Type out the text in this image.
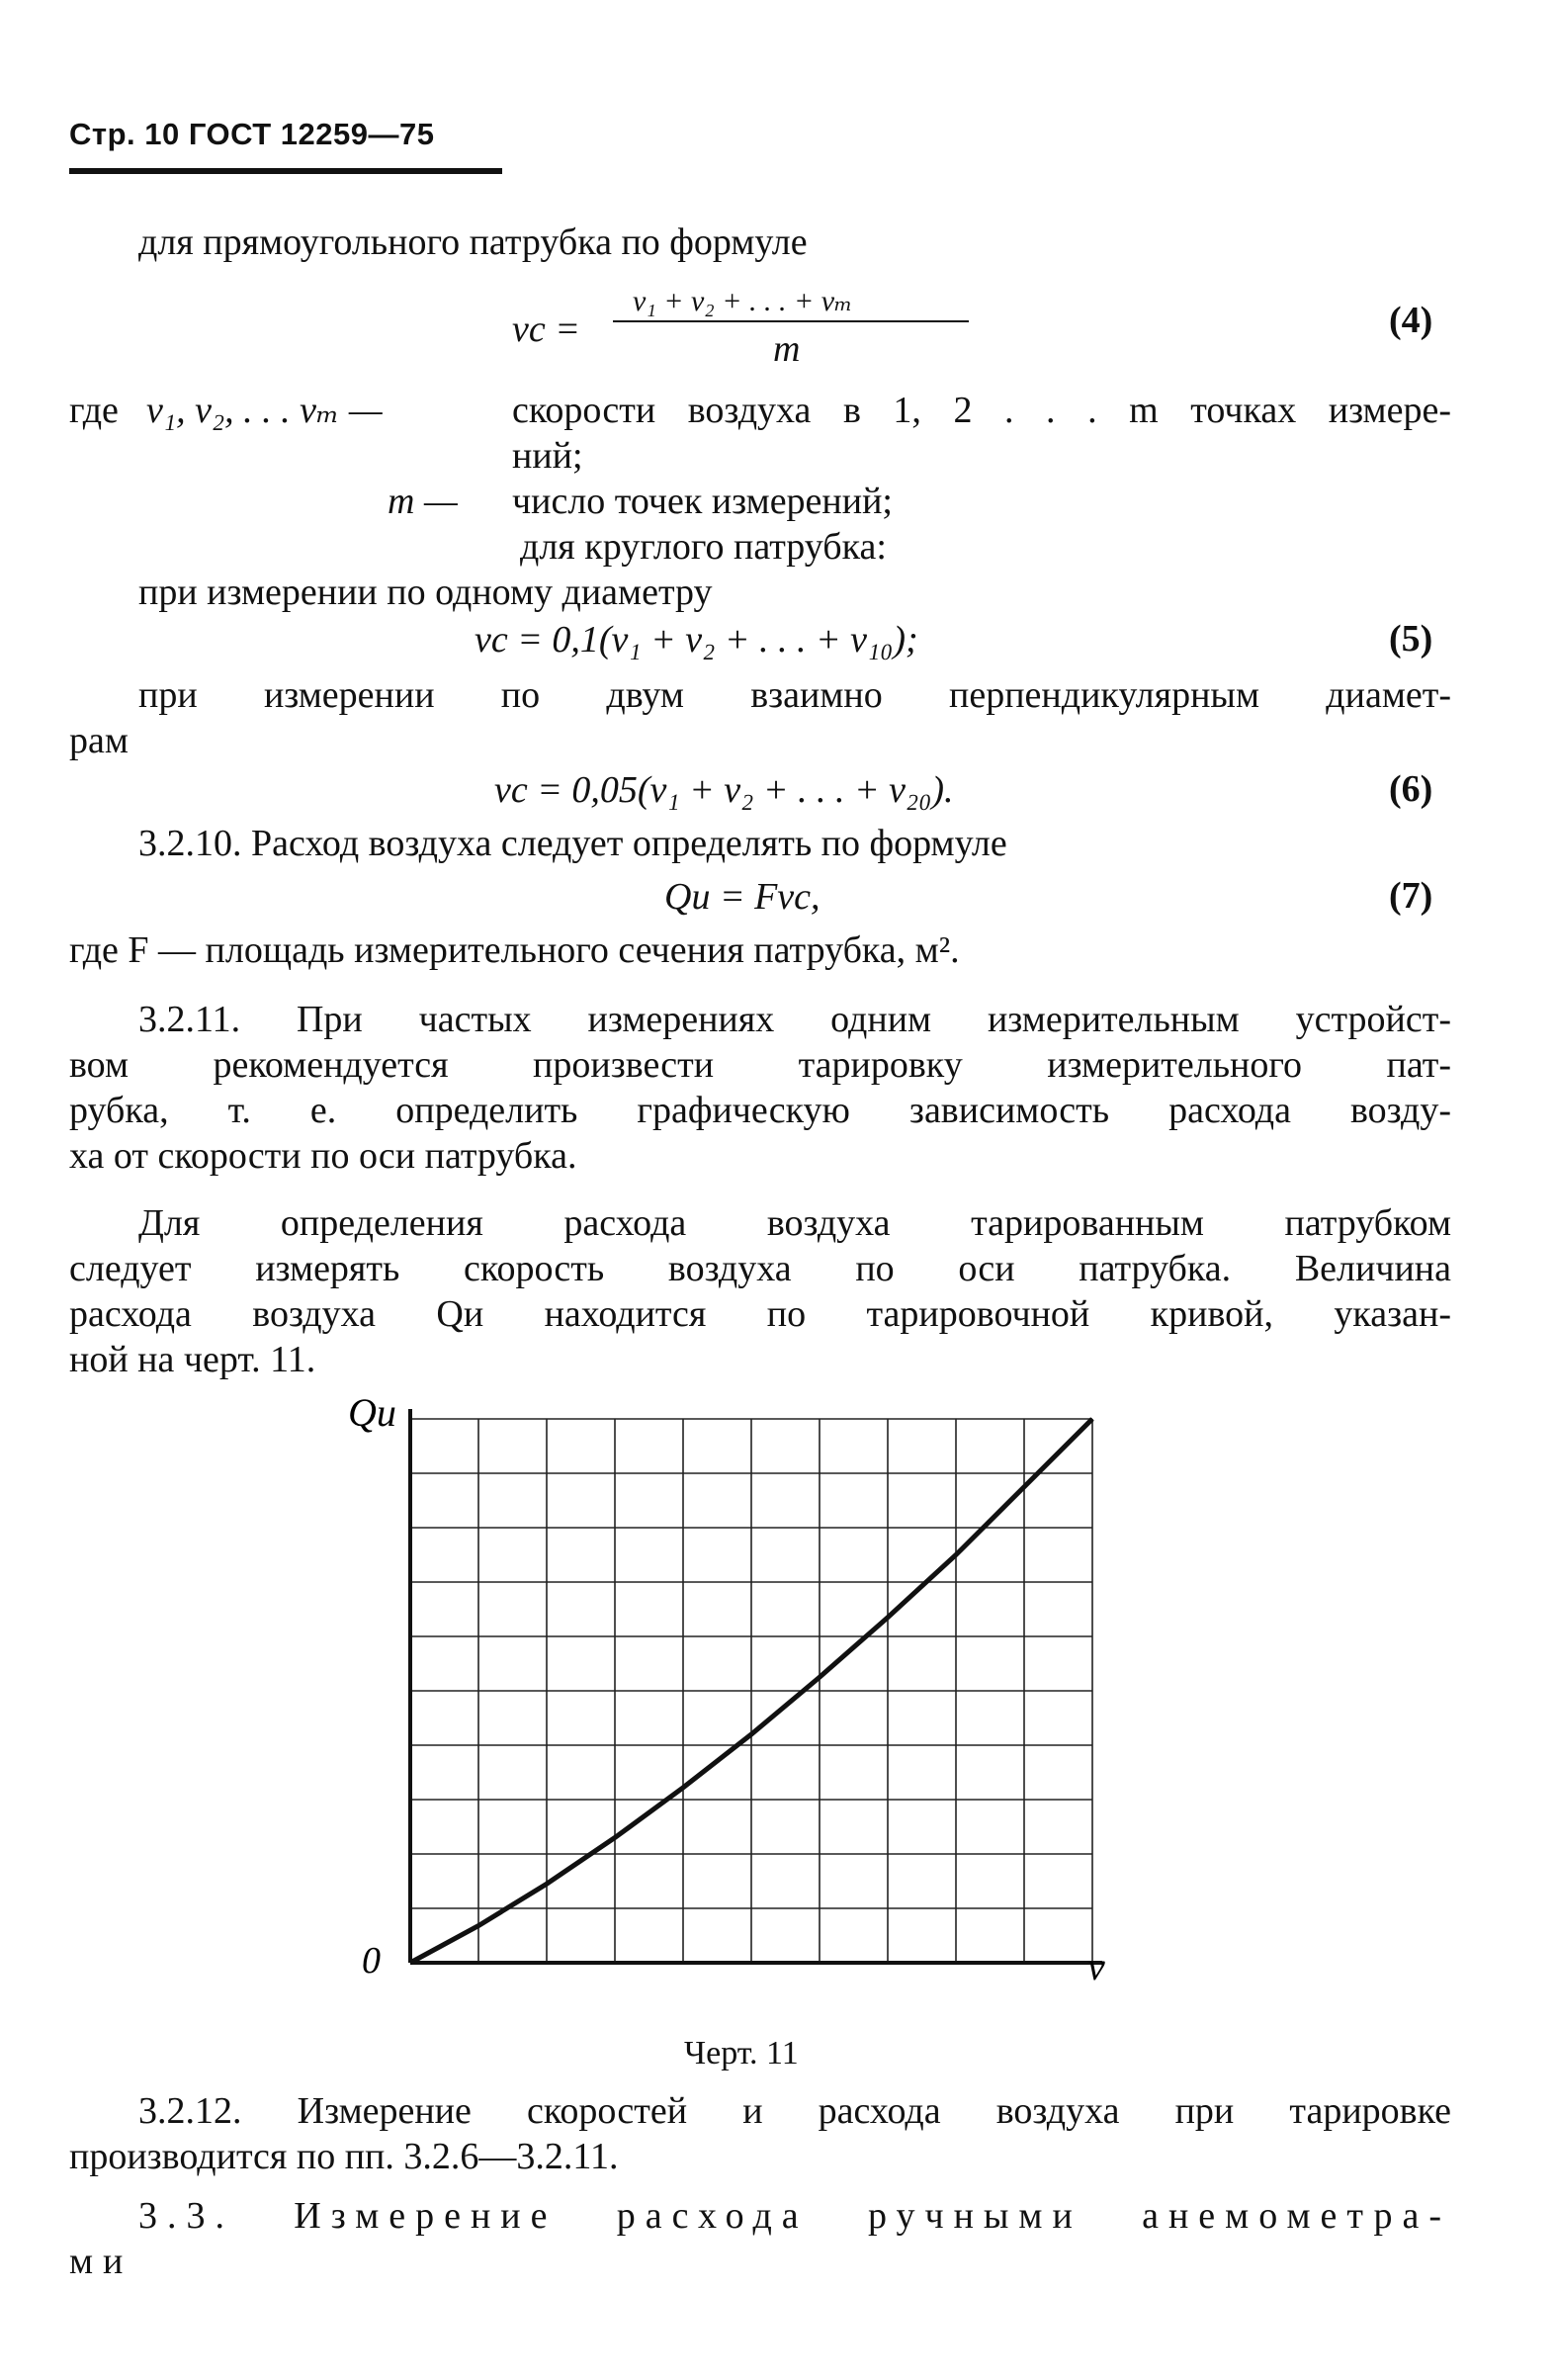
Стр. 10 ГОСТ 12259—75
для прямоугольного патрубка по формуле
vc =
v₁ + v₂ + . . . + vₘ
m
(4)
где v₁, v₂, . . . vₘ —	скорости воздуха в 1, 2 . . . m точках измере-
ний;
m — число точек измерений;
для круглого патрубка:
при измерении по одному диаметру
vc = 0,1(v₁ + v₂ + . . . + v₁₀);	(5)
при измерении по двум взаимно перпендикулярным диамет-
рам
vc = 0,05(v₁ + v₂ + . . . + v₂₀).	(6)
3.2.10. Расход воздуха следует определять по формуле
Qи = Fvc,	(7)
где F — площадь измерительного сечения патрубка, м².
3.2.11. При частых измерениях одним измерительным устройст-
вом рекомендуется произвести тарировку измерительного пат-
рубка, т. е. определить графическую зависимость расхода возду-
ха от скорости по оси патрубка.
Для определения расхода воздуха тарированным патрубком
следует измерять скорость воздуха по оси патрубка. Величина
расхода воздуха Qи находится по тарировочной кривой, указан-
ной на черт. 11.
Qu
0	v
Черт. 11
3.2.12. Измерение скоростей и расхода воздуха при тарировке
производится по пп. 3.2.6—3.2.11.
3.3. Измерение расхода ручными анемометра-
ми
